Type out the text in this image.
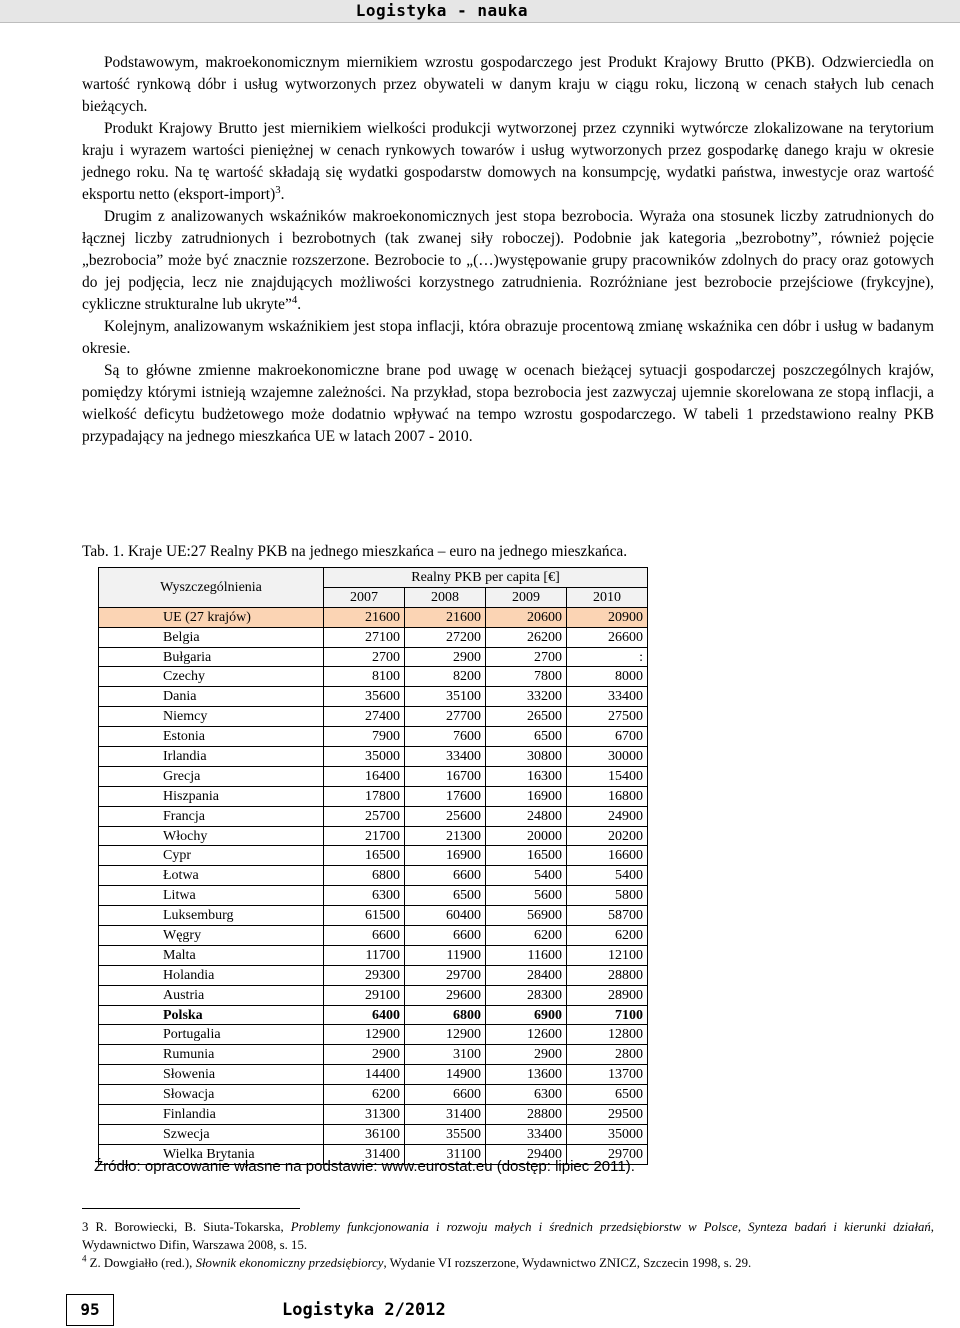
Logistyka - nauka

Podstawowym, makroekonomicznym miernikiem wzrostu gospodarczego jest Produkt Krajowy Brutto (PKB). Odzwierciedla on wartość rynkową dóbr i usług wytworzonych przez obywateli w danym kraju w ciągu roku, liczoną w cenach stałych lub cenach bieżących.

Produkt Krajowy Brutto jest miernikiem wielkości produkcji wytworzonej przez czynniki wytwórcze zlokalizowane na terytorium kraju i wyrazem wartości pieniężnej w cenach rynkowych towarów i usług wytworzonych przez gospodarkę danego kraju w okresie jednego roku. Na tę wartość składają się wydatki gospodarstw domowych na konsumpcję, wydatki państwa, inwestycje oraz wartość eksportu netto (eksport-import)$^3$.

Drugim z analizowanych wskaźników makroekonomicznych jest stopa bezrobocia. Wyraża ona stosunek liczby zatrudnionych do łącznej liczby zatrudnionych i bezrobotnych (tak zwanej siły roboczej). Podobnie jak kategoria „bezrobotny”, również pojęcie „bezrobocia” może być znacznie rozszerzone. Bezrobocie to „(…)występowanie grupy pracowników zdolnych do pracy oraz gotowych do jej podjęcia, lecz nie znajdujących możliwości korzystnego zatrudnienia. Rozróżniane jest bezrobocie przejściowe (frykcyjne), cykliczne strukturalne lub ukryte”$^4$.

Kolejnym, analizowanym wskaźnikiem jest stopa inflacji, która obrazuje procentową zmianę wskaźnika cen dóbr i usług w badanym okresie.

Są to główne zmienne makroekonomiczne brane pod uwagę w ocenach bieżącej sytuacji gospodarczej poszczególnych krajów, pomiędzy którymi istnieją wzajemne zależności. Na przykład, stopa bezrobocia jest zazwyczaj ujemnie skorelowana ze stopą inflacji, a wielkość deficytu budżetowego może dodatnio wpływać na tempo wzrostu gospodarczego. W tabeli 1 przedstawiono realny PKB przypadający na jednego mieszkańca UE w latach 2007 - 2010.

Tab. 1. Kraje UE:27 Realny PKB na jednego mieszkańca – euro na jednego mieszkańca.
Wyszczególnienia	Realny PKB per capita [€]			
	2007	2008	2009	2010
UE (27 krajów)	21600	21600	20600	20900
Belgia	27100	27200	26200	26600
Bułgaria	2700	2900	2700	:
Czechy	8100	8200	7800	8000
Dania	35600	35100	33200	33400
Niemcy	27400	27700	26500	27500
Estonia	7900	7600	6500	6700
Irlandia	35000	33400	30800	30000
Grecja	16400	16700	16300	15400
Hiszpania	17800	17600	16900	16800
Francja	25700	25600	24800	24900
Włochy	21700	21300	20000	20200
Cypr	16500	16900	16500	16600
Łotwa	6800	6600	5400	5400
Litwa	6300	6500	5600	5800
Luksemburg	61500	60400	56900	58700
Węgry	6600	6600	6200	6200
Malta	11700	11900	11600	12100
Holandia	29300	29700	28400	28800
Austria	29100	29600	28300	28900
Polska	6400	6800	6900	7100
Portugalia	12900	12900	12600	12800
Rumunia	2900	3100	2900	2800
Słowenia	14400	14900	13600	13700
Słowacja	6200	6600	6300	6500
Finlandia	31300	31400	28800	29500
Szwecja	36100	35500	33400	35000
Wielka Brytania	31400	31100	29400	29700
Źródło: opracowanie własne na podstawie: www.eurostat.eu (dostęp: lipiec 2011).

3 R. Borowiecki, B. Siuta-Tokarska, Problemy funkcjonowania i rozwoju małych i średnich przedsiębiorstw w Polsce, Synteza badań i kierunki działań, Wydawnictwo Difin, Warszawa 2008, s. 15.

$^4$ Z. Dowgiałło (red.), Słownik ekonomiczny przedsiębiorcy, Wydanie VI rozszerzone, Wydawnictwo ZNICZ, Szczecin 1998, s. 29.

95	Logistyka 2/2012
